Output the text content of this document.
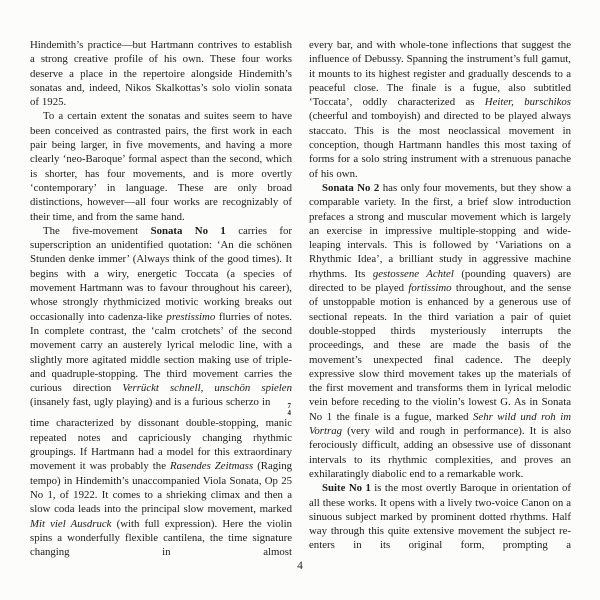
Hindemith’s practice—but Hartmann contrives to establish a strong creative profile of his own. These four works deserve a place in the repertoire alongside Hindemith’s sonatas and, indeed, Nikos Skalkottas’s solo violin sonata of 1925.

To a certain extent the sonatas and suites seem to have been conceived as contrasted pairs, the first work in each pair being larger, in five movements, and having a more clearly ‘neo-Baroque’ formal aspect than the second, which is shorter, has four movements, and is more overtly ‘contemporary’ in language. These are only broad distinctions, however—all four works are recognizably of their time, and from the same hand.

The five-movement Sonata No 1 carries for superscription an unidentified quotation: ‘An die schönen Stunden denke immer’ (Always think of the good times). It begins with a wiry, energetic Toccata (a species of movement Hartmann was to favour throughout his career), whose strongly rhythmicized motivic working breaks out occasionally into cadenza-like prestissimo flurries of notes. In complete contrast, the ‘calm crotchets’ of the second movement carry an austerely lyrical melodic line, with a slightly more agitated middle section making use of triple- and quadruple-stopping. The third movement carries the curious direction Verrückt schnell, unschön spielen (insanely fast, ugly playing) and is a furious scherzo in	7
4
time characterized by dissonant double-stopping, manic repeated notes and capriciously changing rhythmic groupings. If Hartmann had a model for this extraordinary movement it was probably the Rasendes Zeitmass (Raging tempo) in Hindemith’s unaccompanied Viola Sonata, Op 25 No 1, of 1922. It comes to a shrieking climax and then a slow coda leads into the principal slow movement, marked Mit viel Ausdruck (with full expression). Here the violin spins a wonderfully flexible cantilena, the time signature changing in almost

every bar, and with whole-tone inflections that suggest the influence of Debussy. Spanning the instrument’s full gamut, it mounts to its highest register and gradually descends to a peaceful close. The finale is a fugue, also subtitled ‘Toccata’, oddly characterized as Heiter, burschikos (cheerful and tomboyish) and directed to be played always staccato. This is the most neoclassical movement in conception, though Hartmann handles this most taxing of forms for a solo string instrument with a strenuous panache of his own.

Sonata No 2 has only four movements, but they show a comparable variety. In the first, a brief slow introduction prefaces a strong and muscular movement which is largely an exercise in impressive multiple-stopping and wide-leaping intervals. This is followed by ‘Variations on a Rhythmic Idea’, a brilliant study in aggressive machine rhythms. Its gestossene Achtel (pounding quavers) are directed to be played fortissimo throughout, and the sense of unstoppable motion is enhanced by a generous use of sectional repeats. In the third variation a pair of quiet double-stopped thirds mysteriously interrupts the proceedings, and these are made the basis of the movement’s unexpected final cadence. The deeply expressive slow third movement takes up the materials of the first movement and transforms them in lyrical melodic vein before receding to the violin’s lowest G. As in Sonata No 1 the finale is a fugue, marked Sehr wild und roh im Vortrag (very wild and rough in performance). It is also ferociously difficult, adding an obsessive use of dissonant intervals to its rhythmic complexities, and proves an exhilaratingly diabolic end to a remarkable work.

Suite No 1 is the most overtly Baroque in orientation of all these works. It opens with a lively two-voice Canon on a sinuous subject marked by prominent dotted rhythms. Half way through this quite extensive movement the subject re-enters in its original form, prompting a

4
